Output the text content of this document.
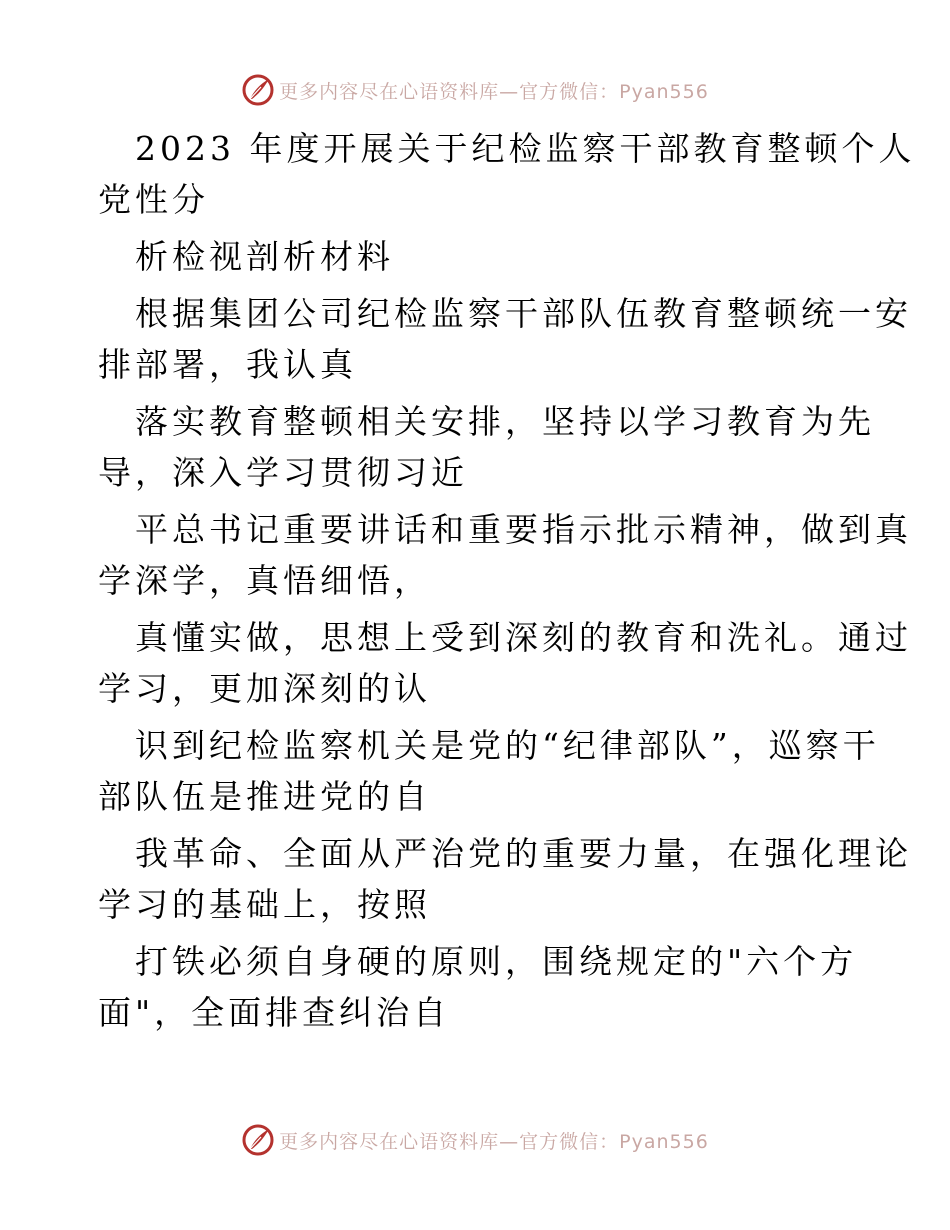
更多内容尽在心语资料库—官方微信：Pyan556

2023 年度开展关于纪检监察干部教育整顿个人
党性分

析检视剖析材料

根据集团公司纪检监察干部队伍教育整顿统一安
排部署，我认真

落实教育整顿相关安排，坚持以学习教育为先
导，深入学习贯彻习近

平总书记重要讲话和重要指示批示精神，做到真
学深学，真悟细悟，

真懂实做，思想上受到深刻的教育和洗礼。通过
学习，更加深刻的认

识到纪检监察机关是党的“纪律部队”，巡察干
部队伍是推进党的自

我革命、全面从严治党的重要力量，在强化理论
学习的基础上，按照

打铁必须自身硬的原则，围绕规定的"六个方
面"，全面排查纠治自

更多内容尽在心语资料库—官方微信：Pyan556
